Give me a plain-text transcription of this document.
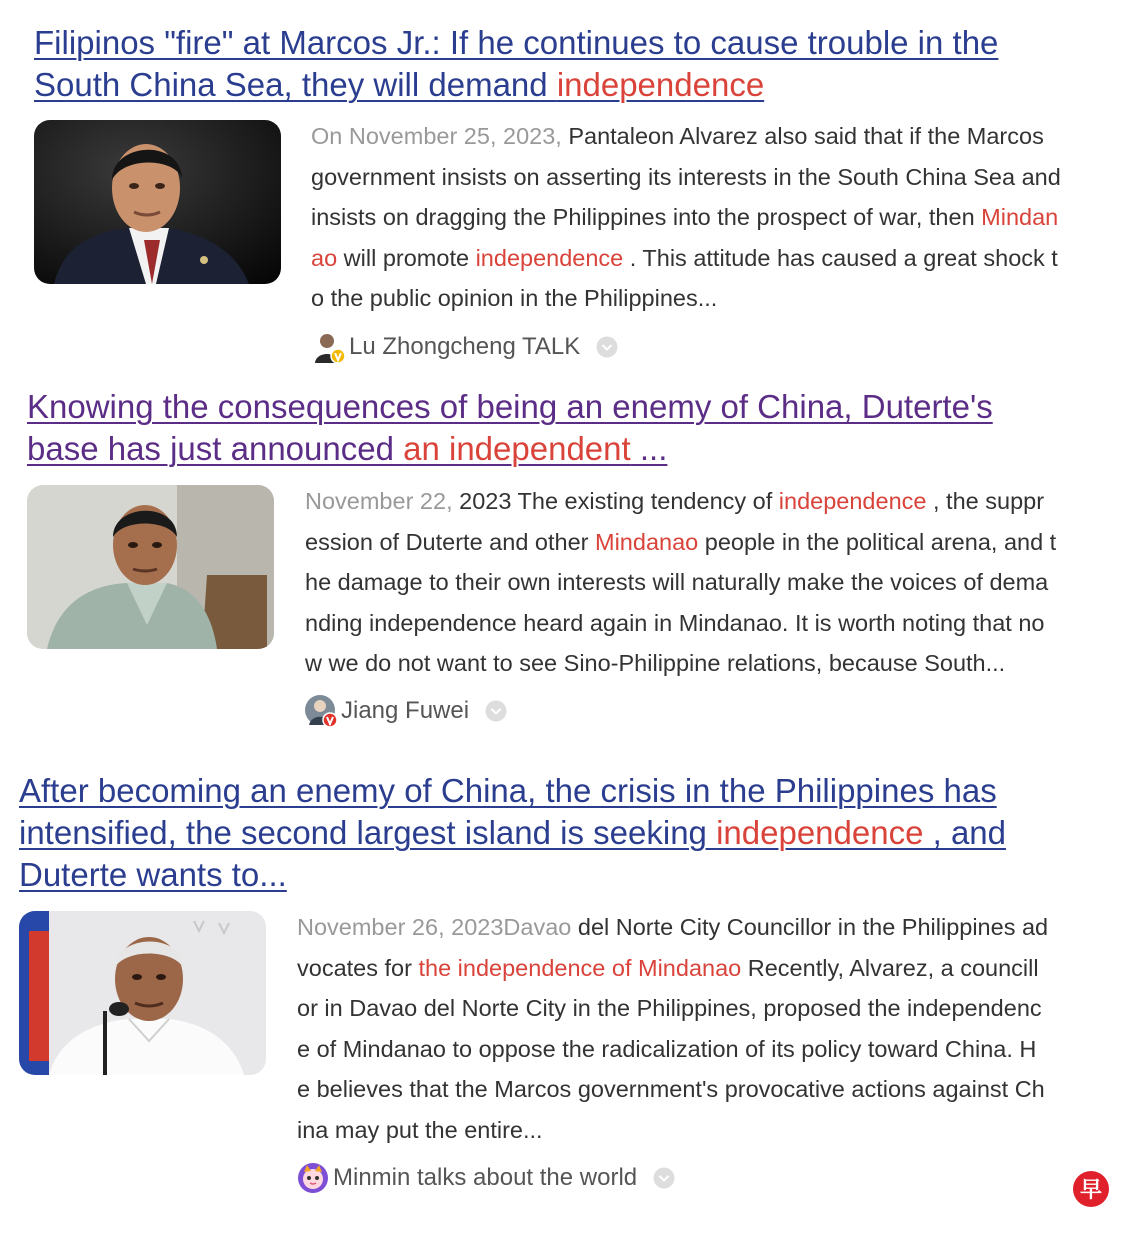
Filipinos "fire" at Marcos Jr.: If he continues to cause trouble in the
South China Sea, they will demand independence
On November 25, 2023, Pantaleon Alvarez also said that if the Marcos
government insists on asserting its interests in the South China Sea and
insists on dragging the Philippines into the prospect of war, then Mindan
ao will promote independence . This attitude has caused a great shock t
o the public opinion in the Philippines...
Lu Zhongcheng TALK
Knowing the consequences of being an enemy of China, Duterte's
base has just announced an independent ...
November 22, 2023 The existing tendency of independence , the suppr
ession of Duterte and other Mindanao people in the political arena, and t
he damage to their own interests will naturally make the voices of dema
nding independence heard again in Mindanao. It is worth noting that no
w we do not want to see Sino-Philippine relations, because South...
Jiang Fuwei
After becoming an enemy of China, the crisis in the Philippines has
intensified, the second largest island is seeking independence , and
Duterte wants to...
November 26, 2023Davao del Norte City Councillor in the Philippines ad
vocates for the independence of Mindanao Recently, Alvarez, a councill
or in Davao del Norte City in the Philippines, proposed the independenc
e of Mindanao to oppose the radicalization of its policy toward China. H
e believes that the Marcos government's provocative actions against Ch
ina may put the entire...
Minmin talks about the world	早
